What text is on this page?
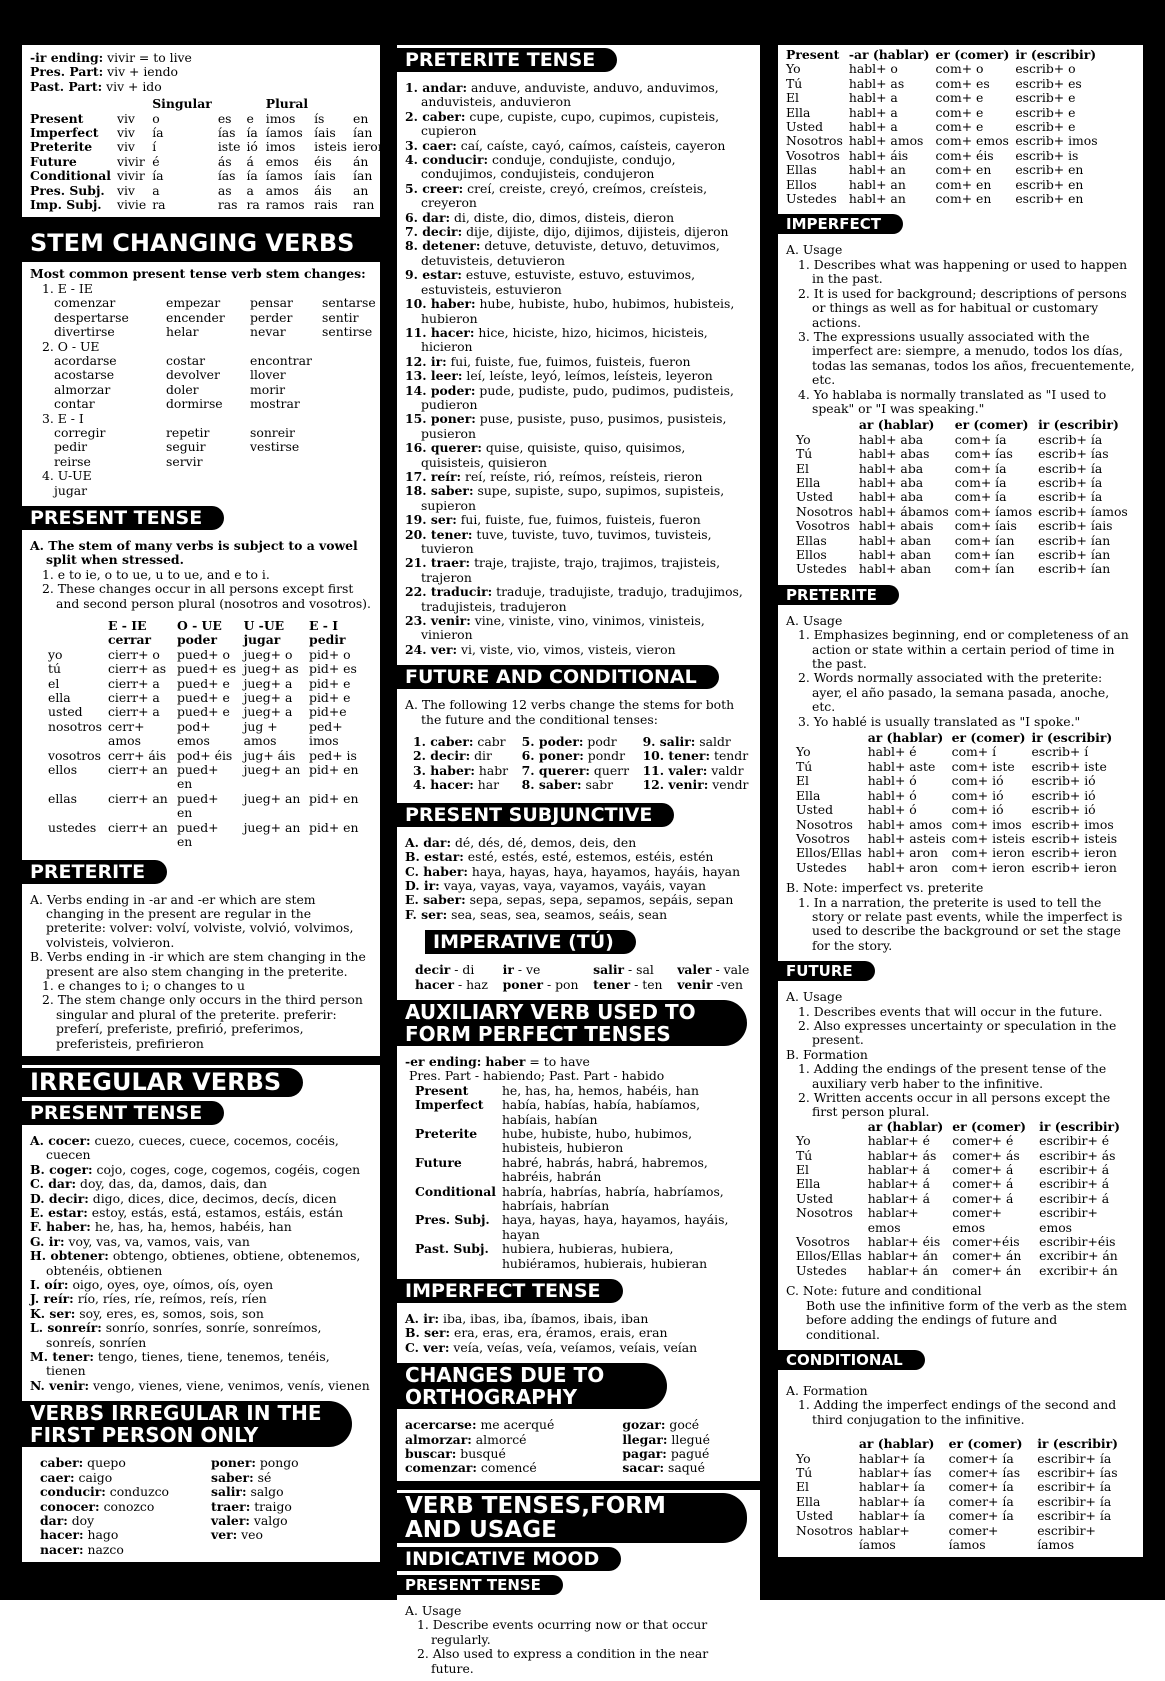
-ir ending: vivir = to live
Pres. Part: viv + iendo
Past. Part: viv + ido
		Singular			Plural		
Present	viv	o	es	e	imos	ís	en
Imperfect	viv	ía	ías	ía	íamos	íais	ían
Preterite	viv	í	iste	ió	imos	isteis	ieron
Future	vivir	é	ás	á	emos	éis	án
Conditional	vivir	ía	ías	ía	íamos	íais	ían
Pres. Subj.	viv	a	as	a	amos	áis	an
Imp. Subj.	vivie	ra	ras	ra	ramos	rais	ran
STEM CHANGING VERBS
Most common present tense verb stem changes:
1. E - IE
comenzar	empezar	pensar	sentarse
despertarse	encender	perder	sentir
divertirse	helar	nevar	sentirse
2. O - UE
acordarse	costar	encontrar
acostarse	devolver	llover
almorzar	doler	morir
contar	dormirse	mostrar
3. E - I
corregir	repetir	sonreir
pedir	seguir	vestirse
reirse	servir
4. U-UE
jugar
PRESENT TENSE
A. The stem of many verbs is subject to a vowel split when stressed.
1. e to ie, o to ue, u to ue, and e to i.
2. These changes occur in all persons except first and second person plural (nosotros and vosotros).
	E - IE	O - UE	U -UE	E - I
	cerrar	poder	jugar	pedir
yo	cierr+ o	pued+ o	jueg+ o	pid+ o
tú	cierr+ as	pued+ es	jueg+ as	pid+ es
el	cierr+ a	pued+ e	jueg+ a	pid+ e
ella	cierr+ a	pued+ e	jueg+ a	pid+ e
usted	cierr+ a	pued+ e	jueg+ a	pid+e
nosotros	cerr+ amos	pod+ emos	jug + amos	ped+ imos
vosotros	cerr+ áis	pod+ éis	jug+ áis	ped+ is
ellos	cierr+ an	pued+ en	jueg+ an	pid+ en
ellas	cierr+ an	pued+ en	jueg+ an	pid+ en
ustedes	cierr+ an	pued+ en	jueg+ an	pid+ en
PRETERITE
A. Verbs ending in -ar and -er which are stem changing in the present are regular in the preterite: volver: volví, volviste, volvió, volvimos, volvisteis, volvieron.
B. Verbs ending in -ir which are stem changing in the present are also stem changing in the preterite.
1. e changes to i; o changes to u
2. The stem change only occurs in the third person singular and plural of the preterite. preferir: preferí, preferiste, prefirió, preferimos, preferisteis, prefirieron
IRREGULAR VERBS
PRESENT TENSE
A. cocer: cuezo, cueces, cuece, cocemos, cocéis, cuecen
B. coger: cojo, coges, coge, cogemos, cogéis, cogen
C. dar: doy, das, da, damos, dais, dan
D. decir: digo, dices, dice, decimos, decís, dicen
E. estar: estoy, estás, está, estamos, estáis, están
F. haber: he, has, ha, hemos, habéis, han
G. ir: voy, vas, va, vamos, vais, van
H. obtener: obtengo, obtienes, obtiene, obtenemos, obtenéis, obtienen
I. oír: oigo, oyes, oye, oímos, oís, oyen
J. reír: río, ríes, ríe, reímos, reís, ríen
K. ser: soy, eres, es, somos, sois, son
L. sonreír: sonrío, sonríes, sonríe, sonreímos, sonreís, sonríen
M. tener: tengo, tienes, tiene, tenemos, tenéis, tienen
N. venir: vengo, vienes, viene, venimos, venís, vienen
VERBS IRREGULAR IN THE FIRST PERSON ONLY
caber: quepo
caer: caigo
conducir: conduzco
conocer: conozco
dar: doy
hacer: hago
nacer: nazco
poner: pongo
saber: sé
salir: salgo
traer: traigo
valer: valgo
ver: veo
PRETERITE TENSE
1. andar: anduve, anduviste, anduvo, anduvimos, anduvisteis, anduvieron
2. caber: cupe, cupiste, cupo, cupimos, cupisteis, cupieron
3. caer: caí, caíste, cayó, caímos, caísteis, cayeron
4. conducir: conduje, condujiste, condujo, condujimos, condujisteis, condujeron
5. creer: creí, creiste, creyó, creímos, creísteis, creyeron
6. dar: di, diste, dio, dimos, disteis, dieron
7. decir: dije, dijiste, dijo, dijimos, dijisteis, dijeron
8. detener: detuve, detuviste, detuvo, detuvimos, detuvisteis, detuvieron
9. estar: estuve, estuviste, estuvo, estuvimos, estuvisteis, estuvieron
10. haber: hube, hubiste, hubo, hubimos, hubisteis, hubieron
11. hacer: hice, hiciste, hizo, hicimos, hicisteis, hicieron
12. ir: fui, fuiste, fue, fuimos, fuisteis, fueron
13. leer: leí, leíste, leyó, leímos, leísteis, leyeron
14. poder: pude, pudiste, pudo, pudimos, pudisteis, pudieron
15. poner: puse, pusiste, puso, pusimos, pusisteis, pusieron
16. querer: quise, quisiste, quiso, quisimos, quisisteis, quisieron
17. reír: reí, reíste, rió, reímos, reísteis, rieron
18. saber: supe, supiste, supo, supimos, supisteis, supieron
19. ser: fui, fuiste, fue, fuimos, fuisteis, fueron
20. tener: tuve, tuviste, tuvo, tuvimos, tuvisteis, tuvieron
21. traer: traje, trajiste, trajo, trajimos, trajisteis, trajeron
22. traducir: traduje, tradujiste, tradujo, tradujimos, tradujisteis, tradujeron
23. venir: vine, viniste, vino, vinimos, vinisteis, vinieron
24. ver: vi, viste, vio, vimos, visteis, vieron
FUTURE AND CONDITIONAL
A. The following 12 verbs change the stems for both the future and the conditional tenses:
1. caber: cabr	5. poder: podr	9. salir: saldr
2. decir: dir	6. poner: pondr	10. tener: tendr
3. haber: habr 7. querer: querr 11. valer: valdr
4. hacer: har	8. saber: sabr	12. venir: vendr
PRESENT SUBJUNCTIVE
A. dar: dé, dés, dé, demos, deis, den
B. estar: esté, estés, esté, estemos, estéis, estén
C. haber: haya, hayas, haya, hayamos, hayáis, hayan
D. ir: vaya, vayas, vaya, vayamos, vayáis, vayan
E. saber: sepa, sepas, sepa, sepamos, sepáis, sepan
F. ser: sea, seas, sea, seamos, seáis, sean
IMPERATIVE (TÚ)
decir - di	ir - ve	salir - sal	valer - vale
hacer - haz poner - pon tener - ten venir -ven
AUXILIARY VERB USED TO FORM PERFECT TENSES
-er ending: haber = to have
Pres. Part - habiendo; Past. Part - habido
Present	he, has, ha, hemos, habéis, han
Imperfect	había, habías, había, habíamos, habíais, habían
Preterite	hube, hubiste, hubo, hubimos, hubisteis, hubieron
Future	habré, habrás, habrá, habremos, habréis, habrán
Conditional	habría, habrías, habría, habríamos, habríais, habrían
Pres. Subj.	haya, hayas, haya, hayamos, hayáis, hayan
Past. Subj.	hubiera, hubieras, hubiera, hubiéramos, hubierais, hubieran
IMPERFECT TENSE
A. ir: iba, ibas, iba, íbamos, ibais, iban
B. ser: era, eras, era, éramos, erais, eran
C. ver: veía, veías, veía, veíamos, veíais, veían
CHANGES DUE TO ORTHOGRAPHY
acercarse: me acerqué	gozar: gocé
almorzar: almorcé	llegar: llegué
buscar: busqué	pagar: pagué
comenzar: comencé	sacar: saqué
VERB TENSES,FORM AND USAGE
INDICATIVE MOOD
PRESENT TENSE
A. Usage
1. Describe events ocurring now or that occur regularly.
2. Also used to express a condition in the near future.
Present	-ar (hablar)	er (comer)	ir (escribir)
Yo	habl+ o	com+ o	escrib+ o
Tú	habl+ as	com+ es	escrib+ es
El	habl+ a	com+ e	escrib+ e
Ella	habl+ a	com+ e	escrib+ e
Usted	habl+ a	com+ e	escrib+ e
Nosotros	habl+ amos	com+ emos	escrib+ imos
Vosotros	habl+ áis	com+ éis	escrib+ is
Ellas	habl+ an	com+ en	escrib+ en
Ellos	habl+ an	com+ en	escrib+ en
Ustedes	habl+ an	com+ en	escrib+ en
IMPERFECT
A. Usage
1. Describes what was happening or used to happen in the past.
2. It is used for background; descriptions of persons or things as well as for habitual or customary actions.
3. The expressions usually associated with the imperfect are: siempre, a menudo, todos los días, todas las semanas, todos los años, frecuentemente, etc.
4. Yo hablaba is normally translated as "I used to speak" or "I was speaking."
	ar (hablar)	er (comer)	ir (escribir)
Yo	habl+ aba	com+ ía	escrib+ ía
Tú	habl+ abas	com+ ías	escrib+ ías
El	habl+ aba	com+ ía	escrib+ ía
Ella	habl+ aba	com+ ía	escrib+ ía
Usted	habl+ aba	com+ ía	escrib+ ía
Nosotros	habl+ ábamos	com+ íamos	escrib+ íamos
Vosotros	habl+ abais	com+ íais	escrib+ íais
Ellas	habl+ aban	com+ ían	escrib+ ían
Ellos	habl+ aban	com+ ían	escrib+ ían
Ustedes	habl+ aban	com+ ían	escrib+ ían
PRETERITE
A. Usage
1. Emphasizes beginning, end or completeness of an action or state within a certain period of time in the past.
2. Words normally associated with the preterite: ayer, el año pasado, la semana pasada, anoche, etc.
3. Yo hablé is usually translated as "I spoke."
	ar (hablar)	er (comer)	ir (escribir)
Yo	habl+ é	com+ í	escrib+ í
Tú	habl+ aste	com+ iste	escrib+ iste
El	habl+ ó	com+ ió	escrib+ ió
Ella	habl+ ó	com+ ió	escrib+ ió
Usted	habl+ ó	com+ ió	escrib+ ió
Nosotros	habl+ amos	com+ imos	escrib+ imos
Vosotros	habl+ asteis	com+ isteis	escrib+ isteis
Ellos/Ellas	habl+ aron	com+ ieron	escrib+ ieron
Ustedes	habl+ aron	com+ ieron	escrib+ ieron
B. Note: imperfect vs. preterite
1. In a narration, the preterite is used to tell the story or relate past events, while the imperfect is used to describe the background or set the stage for the story.
FUTURE
A. Usage
1. Describes events that will occur in the future.
2. Also expresses uncertainty or speculation in the present.
B. Formation
1. Adding the endings of the present tense of the auxiliary verb haber to the infinitive.
2. Written accents occur in all persons except the first person plural.
	ar (hablar)	er (comer)	ir (escribir)
Yo	hablar+ é	comer+ é	escribir+ é
Tú	hablar+ ás	comer+ ás	escribir+ ás
El	hablar+ á	comer+ á	escribir+ á
Ella	hablar+ á	comer+ á	escribir+ á
Usted	hablar+ á	comer+ á	escribir+ á
Nosotros	hablar+ emos	comer+ emos	escribir+ emos
Vosotros	hablar+ éis	comer+éis	escribir+éis
Ellos/Ellas	hablar+ án	comer+ án	excribir+ án
Ustedes	hablar+ án	comer+ án	excribir+ án
C. Note: future and conditional
Both use the infinitive form of the verb as the stem before adding the endings of future and conditional.
CONDITIONAL
A. Formation
1. Adding the imperfect endings of the second and third conjugation to the infinitive.
	ar (hablar)	er (comer)	ir (escribir)
Yo	hablar+ ía	comer+ ía	escribir+ ía
Tú	hablar+ ías	comer+ ías	escribir+ ías
El	hablar+ ía	comer+ ía	escribir+ ía
Ella	hablar+ ía	comer+ ía	escribir+ ía
Usted	hablar+ ía	comer+ ía	escribir+ ía
Nosotros	hablar+ íamos	comer+ íamos	escribir+ íamos
